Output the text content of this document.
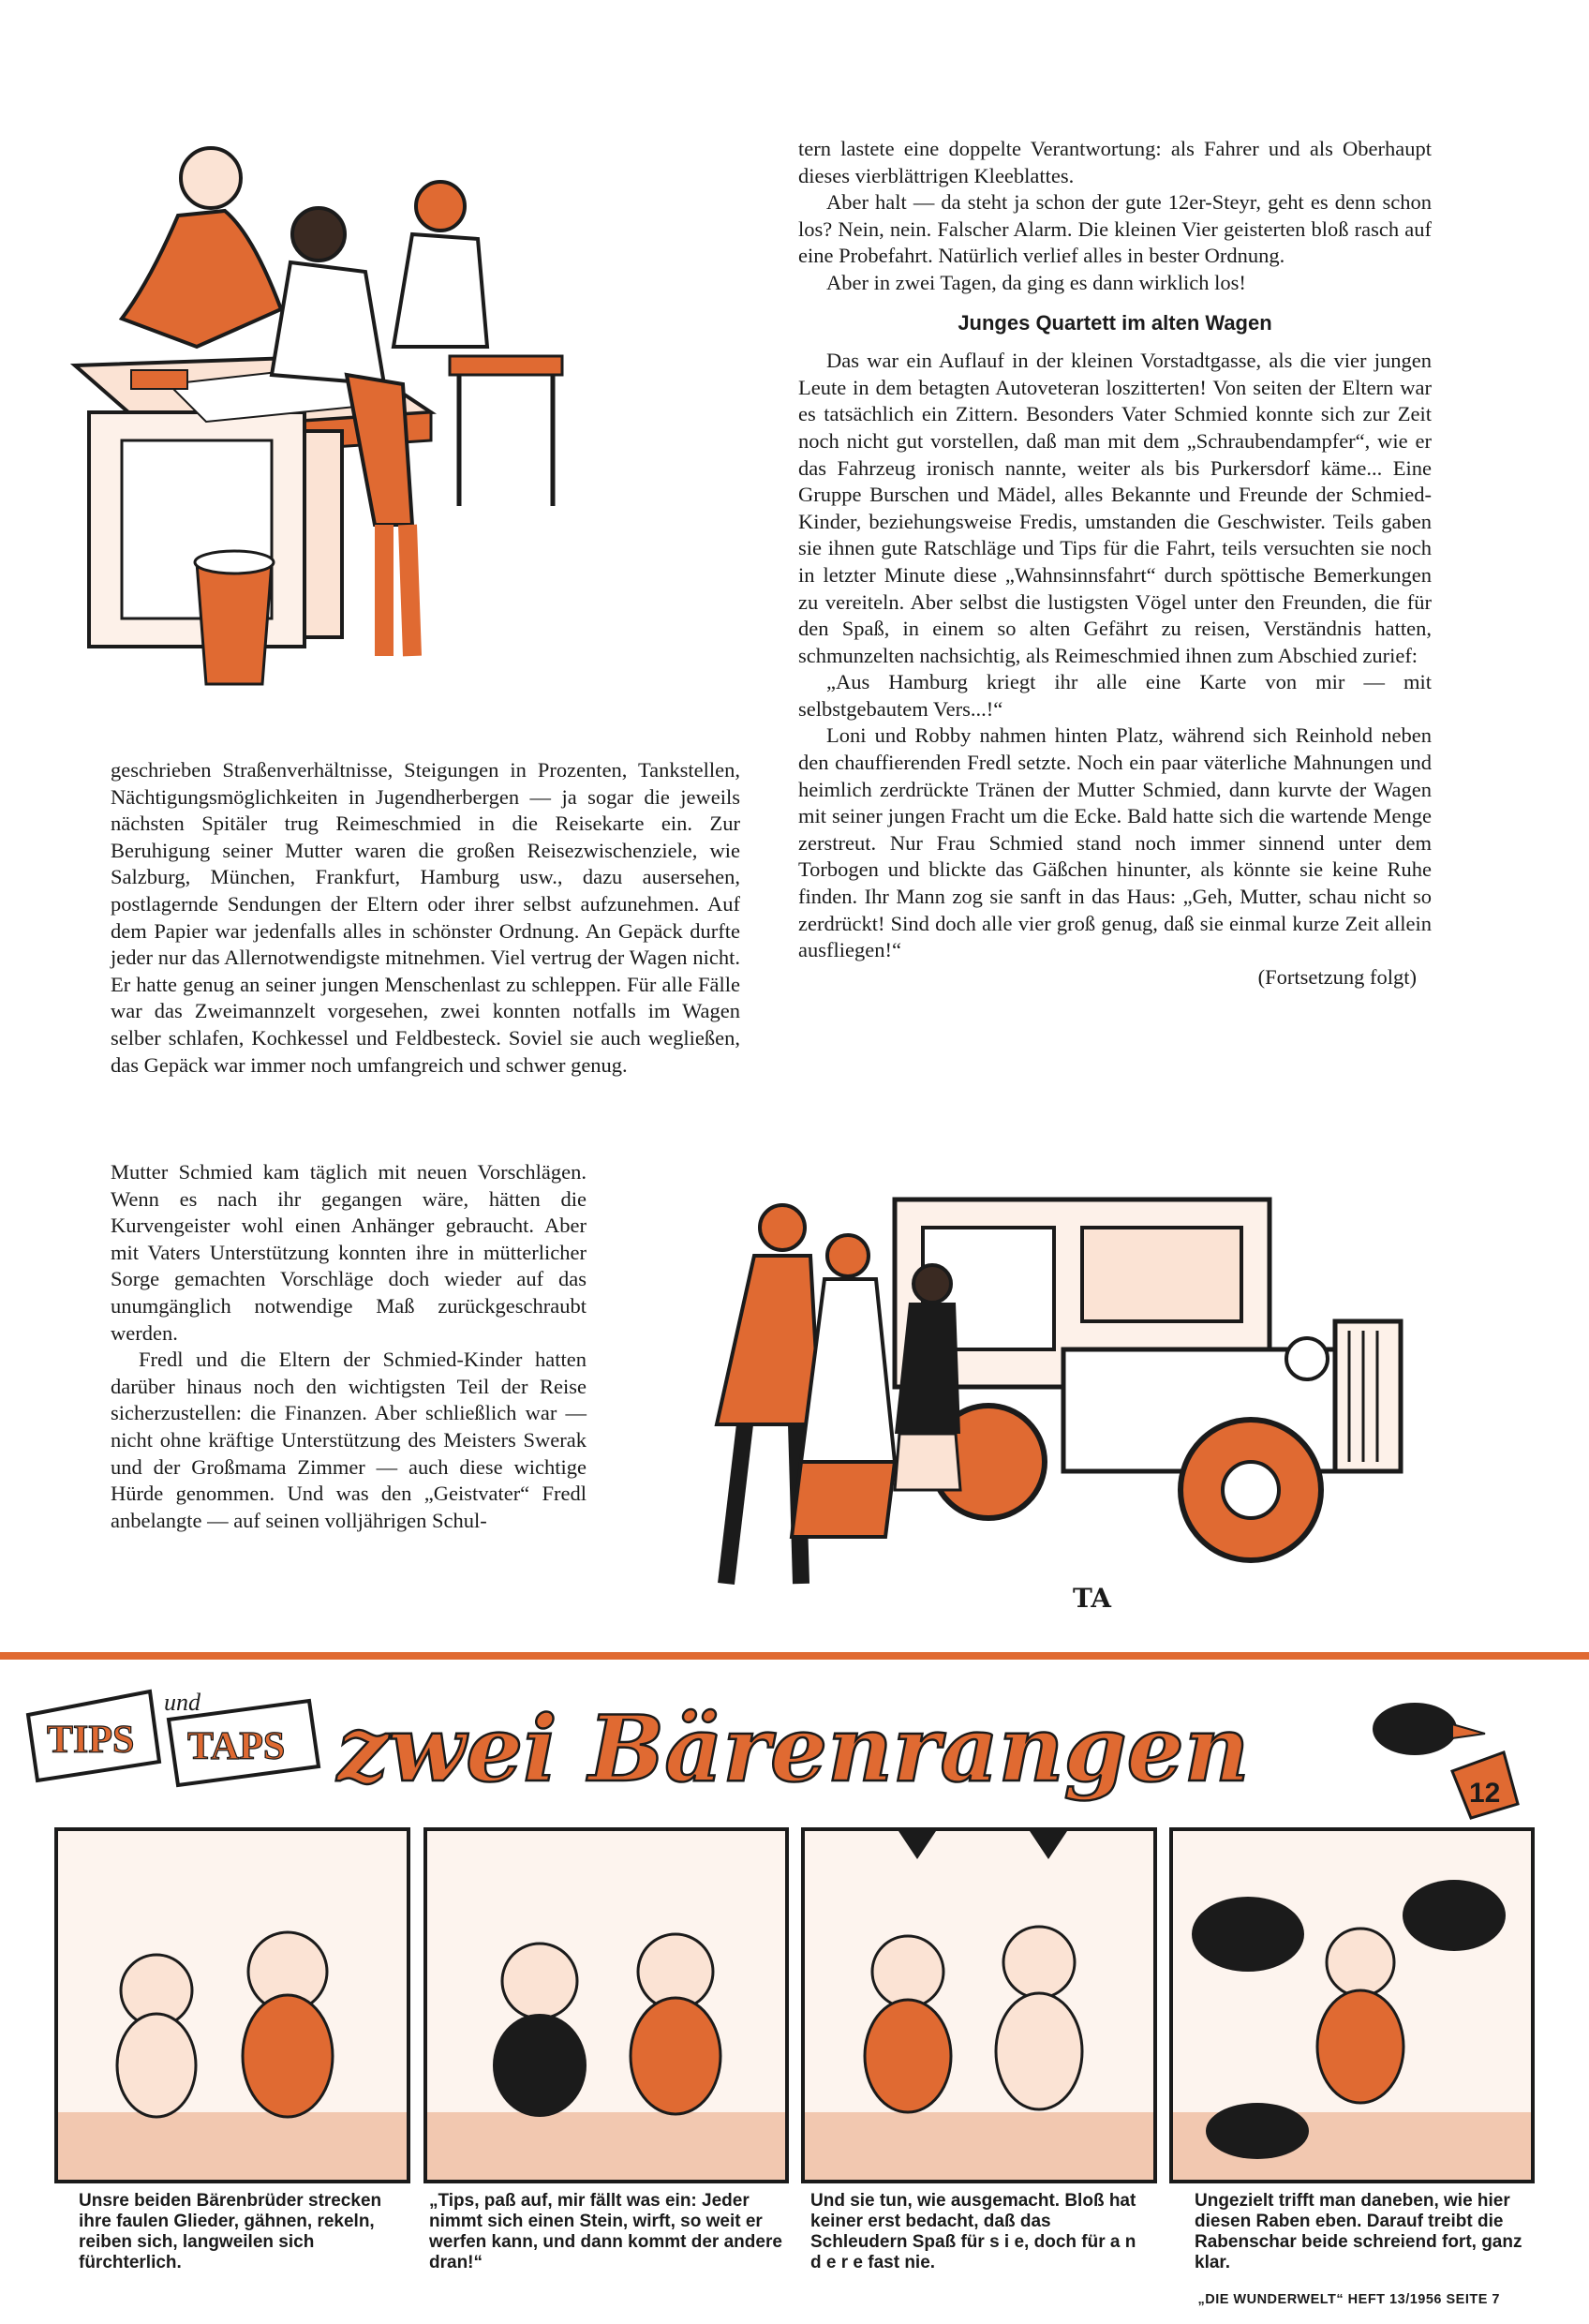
tern lastete eine doppelte Verantwortung: als Fahrer und als Oberhaupt dieses vierblättrigen Kleeblattes.

Aber halt — da steht ja schon der gute 12er-Steyr, geht es denn schon los? Nein, nein. Falscher Alarm. Die kleinen Vier geisterten bloß rasch auf eine Probefahrt. Natürlich verlief alles in bester Ordnung.

Aber in zwei Tagen, da ging es dann wirklich los!

Junges Quartett im alten Wagen

Das war ein Auflauf in der kleinen Vorstadtgasse, als die vier jungen Leute in dem betagten Autoveteran loszitterten! Von seiten der Eltern war es tatsächlich ein Zittern. Besonders Vater Schmied konnte sich zur Zeit noch nicht gut vorstellen, daß man mit dem „Schraubendampfer“, wie er das Fahrzeug ironisch nannte, weiter als bis Purkersdorf käme... Eine Gruppe Burschen und Mädel, alles Bekannte und Freunde der Schmied-Kinder, beziehungsweise Fredis, umstanden die Geschwister. Teils gaben sie ihnen gute Ratschläge und Tips für die Fahrt, teils versuchten sie noch in letzter Minute diese „Wahnsinnsfahrt“ durch spöttische Bemerkungen zu vereiteln. Aber selbst die lustigsten Vögel unter den Freunden, die für den Spaß, in einem so alten Gefährt zu reisen, Verständnis hatten, schmunzelten nachsichtig, als Reimeschmied ihnen zum Abschied zurief:

„Aus Hamburg kriegt ihr alle eine Karte von mir — mit selbstgebautem Vers...!“

Loni und Robby nahmen hinten Platz, während sich Reinhold neben den chauffierenden Fredl setzte. Noch ein paar väterliche Mahnungen und heimlich zerdrückte Tränen der Mutter Schmied, dann kurvte der Wagen mit seiner jungen Fracht um die Ecke. Bald hatte sich die wartende Menge zerstreut. Nur Frau Schmied stand noch immer sinnend unter dem Torbogen und blickte das Gäßchen hinunter, als könnte sie keine Ruhe finden. Ihr Mann zog sie sanft in das Haus: „Geh, Mutter, schau nicht so zerdrückt! Sind doch alle vier groß genug, daß sie einmal kurze Zeit allein ausfliegen!“

(Fortsetzung folgt)

geschrieben Straßenverhältnisse, Steigungen in Prozenten, Tankstellen, Nächtigungsmöglichkeiten in Jugendherbergen — ja sogar die jeweils nächsten Spitäler trug Reimeschmied in die Reisekarte ein. Zur Beruhigung seiner Mutter waren die großen Reisezwischenziele, wie Salzburg, München, Frankfurt, Hamburg usw., dazu ausersehen, postlagernde Sendungen der Eltern oder ihrer selbst aufzunehmen. Auf dem Papier war jedenfalls alles in schönster Ordnung. An Gepäck durfte jeder nur das Allernotwendigste mitnehmen. Viel vertrug der Wagen nicht. Er hatte genug an seiner jungen Menschenlast zu schleppen. Für alle Fälle war das Zweimannzelt vorgesehen, zwei konnten notfalls im Wagen selber schlafen, Kochkessel und Feldbesteck. Soviel sie auch wegließen, das Gepäck war immer noch umfangreich und schwer genug.

Mutter Schmied kam täglich mit neuen Vorschlägen. Wenn es nach ihr gegangen wäre, hätten die Kurvengeister wohl einen Anhänger gebraucht. Aber mit Vaters Unterstützung konnten ihre in mütterlicher Sorge gemachten Vorschläge doch wieder auf das unumgänglich notwendige Maß zurückgeschraubt werden.

Fredl und die Eltern der Schmied-Kinder hatten darüber hinaus noch den wichtigsten Teil der Reise sicherzustellen: die Finanzen. Aber schließlich war — nicht ohne kräftige Unterstützung des Meisters Swerak und der Großmama Zimmer — auch diese wichtige Hürde genommen. Und was den „Geistvater“ Fredl anbelangte — auf seinen volljährigen Schul-

TA
TIPS
und
TAPS zwei Bärenrangen	12
Unsre beiden Bärenbrüder strecken ihre faulen Glieder, gähnen, rekeln, reiben sich, langweilen sich fürchterlich.
„Tips, paß auf, mir fällt was ein: Jeder nimmt sich einen Stein, wirft, so weit er werfen kann, und dann kommt der andere dran!“
Und sie tun, wie ausgemacht. Bloß hat keiner erst bedacht, daß das Schleudern Spaß für s i e, doch für a n d e r e fast nie.
Ungezielt trifft man daneben, wie hier diesen Raben eben. Darauf treibt die Rabenschar beide schreiend fort, ganz klar.
„DIE WUNDERWELT“ HEFT 13/1956 SEITE 7
